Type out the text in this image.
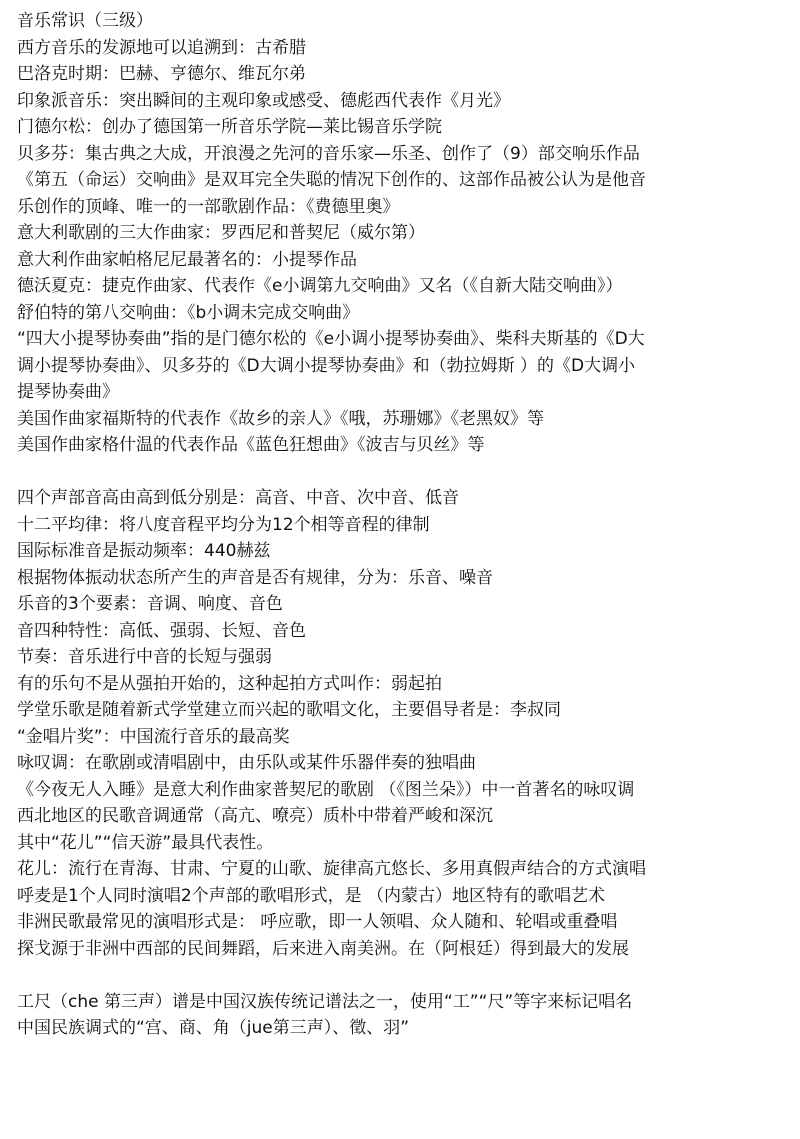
音乐常识（三级）
西方音乐的发源地可以追溯到：古希腊
巴洛克时期：巴赫、亨德尔、维瓦尔弟
印象派音乐：突出瞬间的主观印象或感受、德彪西代表作《月光》
门德尔松：创办了德国第一所音乐学院—莱比锡音乐学院
贝多芬：集古典之大成，开浪漫之先河的音乐家—乐圣、创作了（9）部交响乐作品
《第五（命运）交响曲》是双耳完全失聪的情况下创作的、这部作品被公认为是他音
乐创作的顶峰、唯一的一部歌剧作品：《费德里奥》
意大利歌剧的三大作曲家：罗西尼和普契尼（威尔第）
意大利作曲家帕格尼尼最著名的：小提琴作品
德沃夏克：捷克作曲家、代表作《e小调第九交响曲》又名（《自新大陆交响曲》）
舒伯特的第八交响曲：《b小调未完成交响曲》
“四大小提琴协奏曲”指的是门德尔松的《e小调小提琴协奏曲》、柴科夫斯基的《D大
调小提琴协奏曲》、贝多芬的《D大调小提琴协奏曲》和（勃拉姆斯 ）的《D大调小
提琴协奏曲》
美国作曲家福斯特的代表作《故乡的亲人》《哦，苏珊娜》《老黑奴》等
美国作曲家格什温的代表作品《蓝色狂想曲》《波吉与贝丝》等
四个声部音高由高到低分别是：高音、中音、次中音、低音
十二平均律：将八度音程平均分为12个相等音程的律制
国际标准音是振动频率：440赫兹
根据物体振动状态所产生的声音是否有规律，分为：乐音、噪音
乐音的3个要素：音调、响度、音色
音四种特性：高低、强弱、长短、音色
节奏：音乐进行中音的长短与强弱
有的乐句不是从强拍开始的，这种起拍方式叫作：弱起拍
学堂乐歌是随着新式学堂建立而兴起的歌唱文化，主要倡导者是：李叔同
“金唱片奖”：中国流行音乐的最高奖
咏叹调：在歌剧或清唱剧中，由乐队或某件乐器伴奏的独唱曲
《今夜无人入睡》是意大利作曲家普契尼的歌剧 （《图兰朵》）中一首著名的咏叹调
西北地区的民歌音调通常（高亢、嘹亮）质朴中带着严峻和深沉
其中“花儿”“信天游”最具代表性。
花儿：流行在青海、甘肃、宁夏的山歌、旋律高亢悠长、多用真假声结合的方式演唱
呼麦是1个人同时演唱2个声部的歌唱形式，是 （内蒙古）地区特有的歌唱艺术
非洲民歌最常见的演唱形式是： 呼应歌，即一人领唱、众人随和、轮唱或重叠唱
探戈源于非洲中西部的民间舞蹈，后来进入南美洲。在（阿根廷）得到最大的发展
工尺（che 第三声）谱是中国汉族传统记谱法之一，使用“工”“尺”等字来标记唱名
中国民族调式的“宫、商、角（jue第三声）、徵、羽”
